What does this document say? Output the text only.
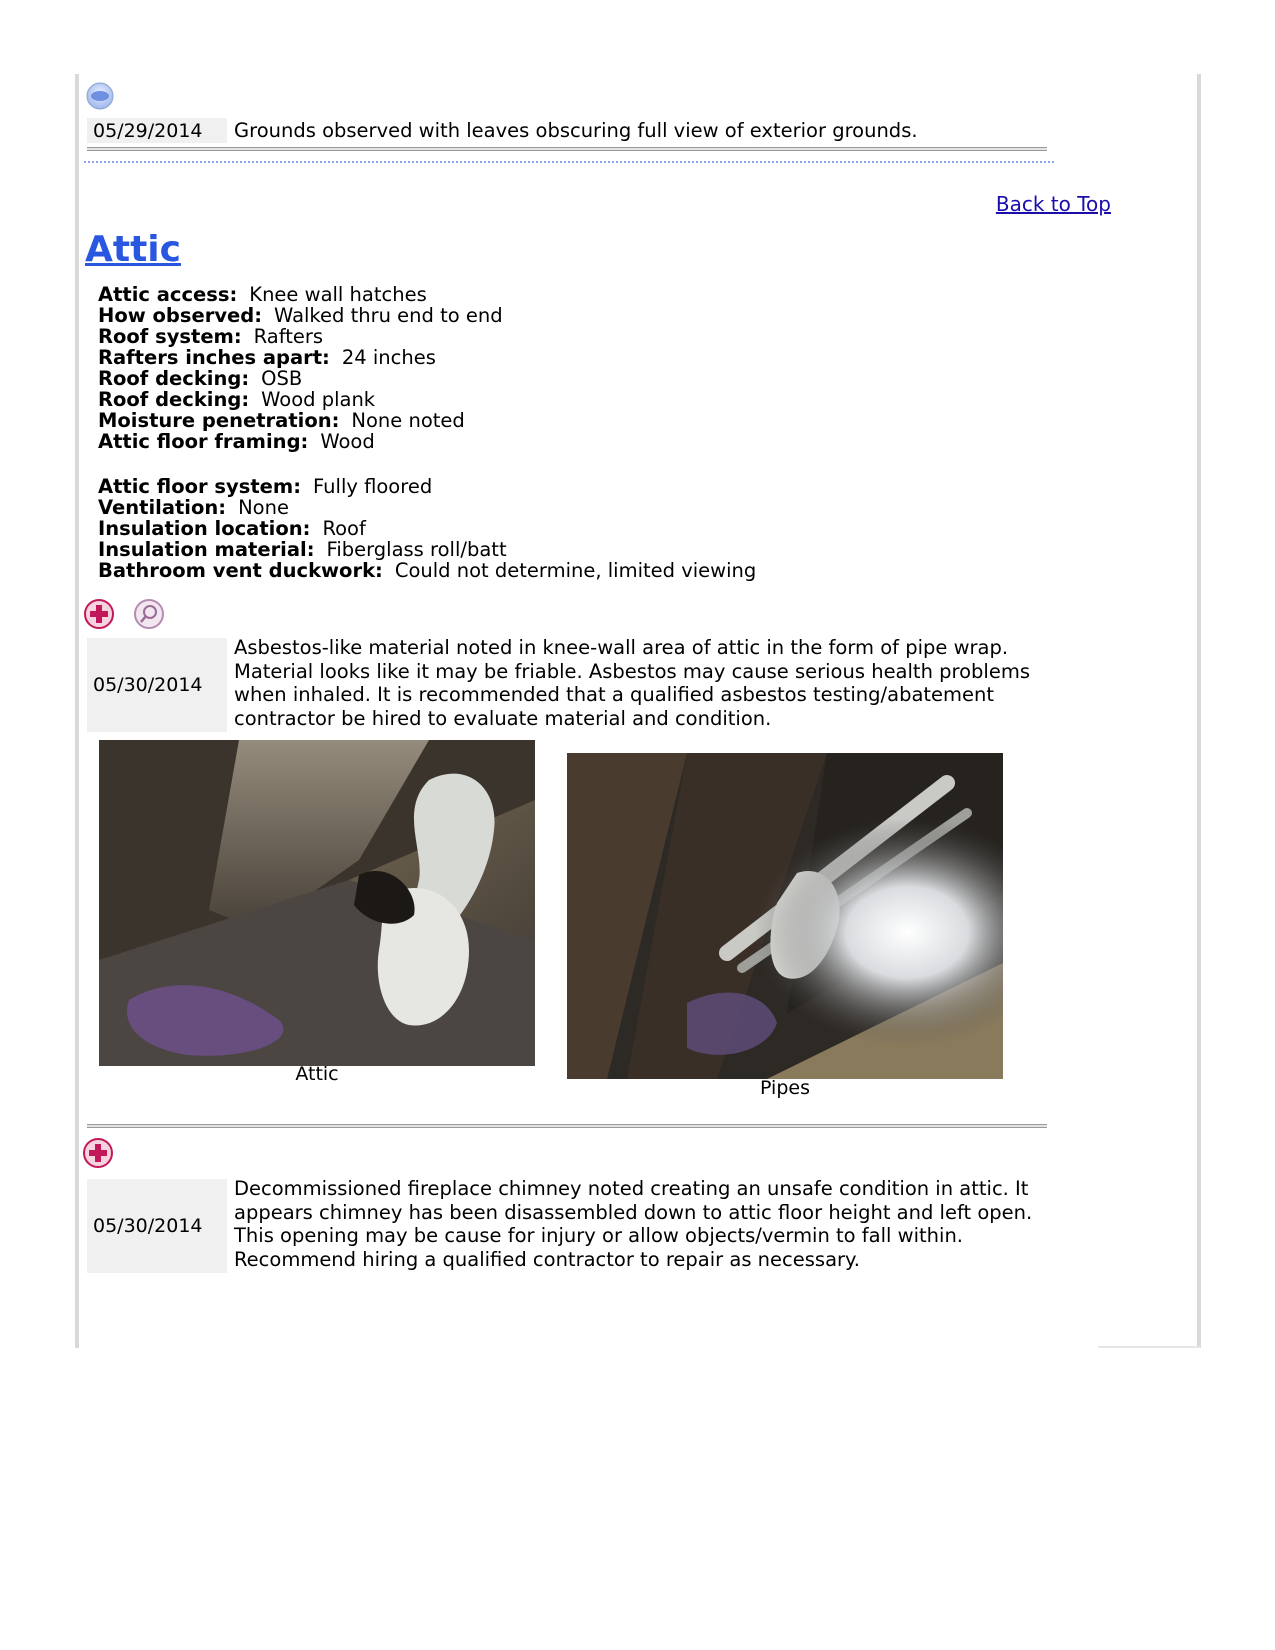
05/29/2014	Grounds observed with leaves obscuring full view of exterior grounds.
Back to Top
Attic
Attic access: Knee wall hatches
How observed: Walked thru end to end
Roof system: Rafters
Rafters inches apart: 24 inches
Roof decking: OSB
Roof decking: Wood plank
Moisture penetration: None noted
Attic floor framing: Wood
Attic floor system: Fully floored
Ventilation: None
Insulation location: Roof
Insulation material: Fiberglass roll/batt
Bathroom vent duckwork: Could not determine, limited viewing
05/30/2014
Asbestos-like material noted in knee-wall area of attic in the form of pipe wrap. Material looks like it may be friable. Asbestos may cause serious health problems when inhaled. It is recommended that a qualified asbestos testing/abatement contractor be hired to evaluate material and condition.
Attic
Pipes
05/30/2014
Decommissioned fireplace chimney noted creating an unsafe condition in attic. It appears chimney has been disassembled down to attic floor height and left open. This opening may be cause for injury or allow objects/vermin to fall within. Recommend hiring a qualified contractor to repair as necessary.
